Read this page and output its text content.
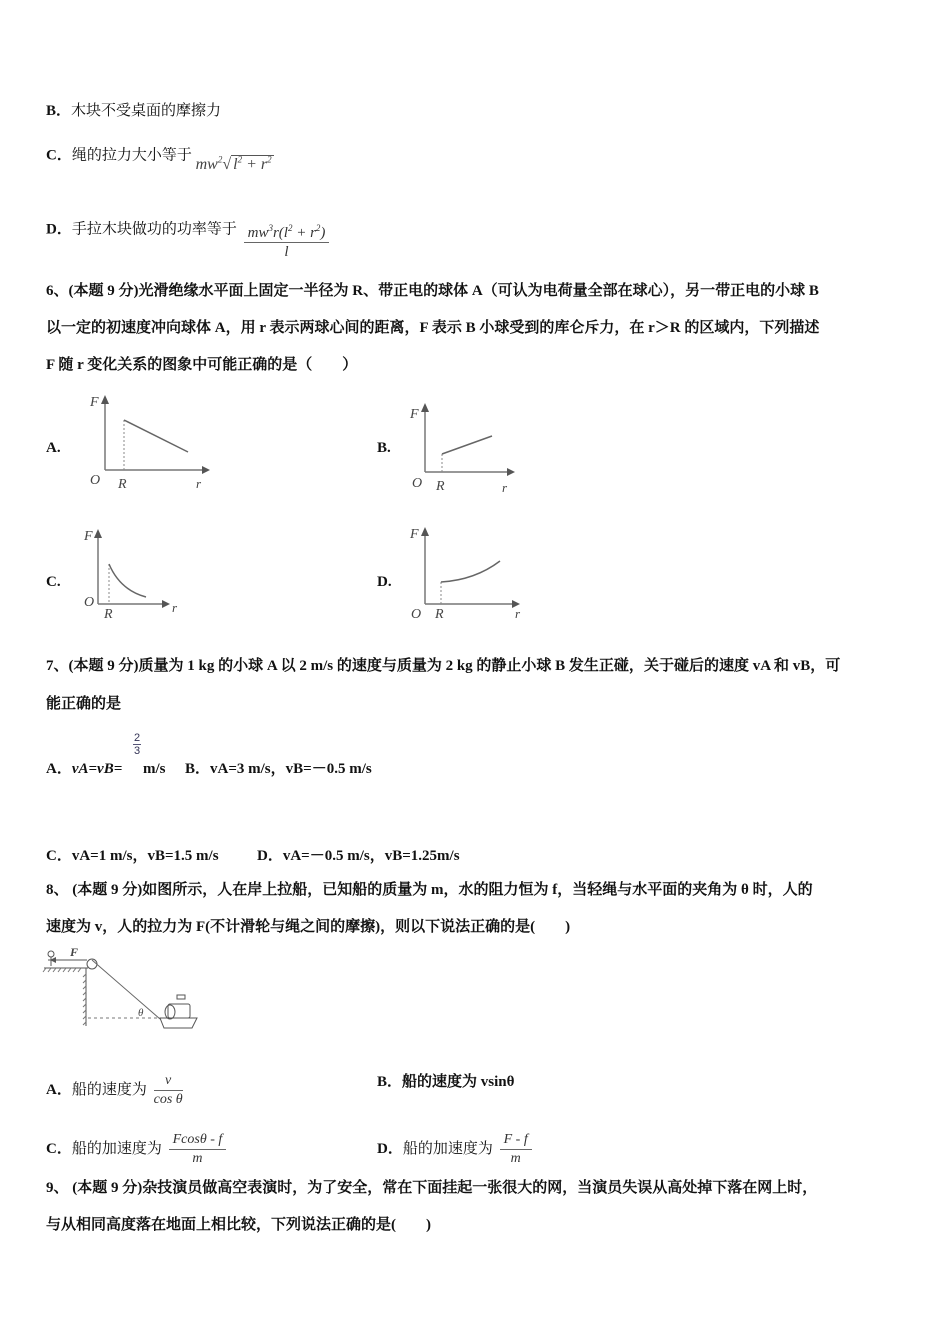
B．木块不受桌面的摩擦力
C．绳的拉力大小等于 $mw^2√$ $l^2 + r^2$
D．手拉木块做功的功率等于 $\frac{mw^3r(l^2 + r^2)}{l}$
6、(本题 9 分)光滑绝缘水平面上固定一半径为 R、带正电的球体 A（可认为电荷量全部在球心），另一带正电的小球 B
以一定的初速度冲向球体 A，用 r 表示两球心间的距离，F 表示 B 小球受到的库仑斥力，在 r＞R 的区域内，下列描述
F 随 r 变化关系的图象中可能正确的是（　　）
A.
F
O R	r
B.
F
O R	r
C.
F
O
R	r
D.
F
O R	r
7、(本题 9 分)质量为 1 kg 的小球 A 以 2 m/s 的速度与质量为 2 kg 的静止小球 B 发生正碰，关于碰后的速度 vA 和 vB，可
能正确的是
A．vA=vB=
$\frac{2}{3}$
m/s B．vA=3 m/s，vB=－0.5 m/s
C．vA=1 m/s，vB=1.5 m/s	D．vA=－0.5 m/s，vB=1.25m/s
8、 (本题 9 分)如图所示，人在岸上拉船，已知船的质量为 m，水的阻力恒为 f，当轻绳与水平面的夹角为 θ 时，人的
速度为 v，人的拉力为 F(不计滑轮与绳之间的摩擦)，则以下说法正确的是(　　)
F
θ
A．船的速度为 $\frac{v}{\text{cos θ}}$	B．船的速度为 vsinθ
C．船的加速度为 $\frac{Fcos\theta - f}{m}$	D．船的加速度为 $\frac{F - f}{m}$
9、 (本题 9 分)杂技演员做高空表演时，为了安全，常在下面挂起一张很大的网，当演员失误从高处掉下落在网上时，
与从相同高度落在地面上相比较，下列说法正确的是(　　)
